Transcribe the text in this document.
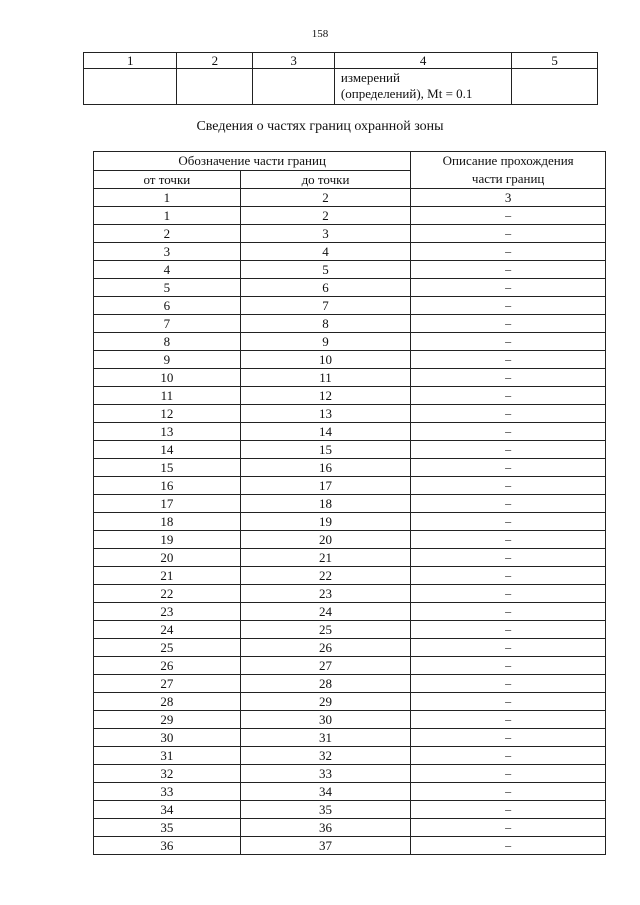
158
1	2	3	4	5

			измерений
(определений), Mt = 0.1	

Сведения о частях границ охранной зоны
Обозначение части границ		Описание прохождения
части границ

от точки	до точки	
1	2	3
1	2	–
2	3	–
3	4	–
4	5	–
5	6	–
6	7	–
7	8	–
8	9	–
9	10	–
10	11	–
11	12	–
12	13	–
13	14	–
14	15	–
15	16	–
16	17	–
17	18	–
18	19	–
19	20	–
20	21	–
21	22	–
22	23	–
23	24	–
24	25	–
25	26	–
26	27	–
27	28	–
28	29	–
29	30	–
30	31	–
31	32	–
32	33	–
33	34	–
34	35	–
35	36	–
36	37	–
